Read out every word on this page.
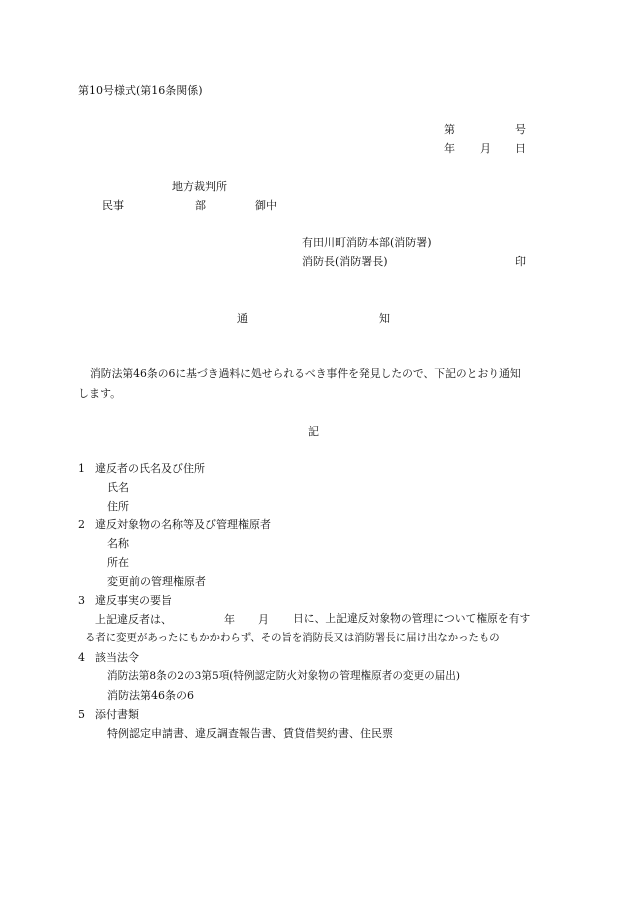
第10号様式(第16条関係)
第	号
年 月 日
地方裁判所
民事	部	御中
有田川町消防本部(消防署)
消防長(消防署長)	印
通	知
消防法第46条の6に基づき過料に処せられるべき事件を発見したので、下記のとおり通知
します。
記
1 違反者の氏名及び住所
氏名
住所
2 違反対象物の名称等及び管理権原者
名称
所在
変更前の管理権原者
3 違反事実の要旨
上記違反者は、	年 月 日に、上記違反対象物の管理について権原を有す
る者に変更があったにもかかわらず、その旨を消防長又は消防署長に届け出なかったもの
4 該当法令
消防法第8条の2の3第5項(特例認定防火対象物の管理権原者の変更の届出)
消防法第46条の6
5 添付書類
特例認定申請書、違反調査報告書、賃貸借契約書、住民票
